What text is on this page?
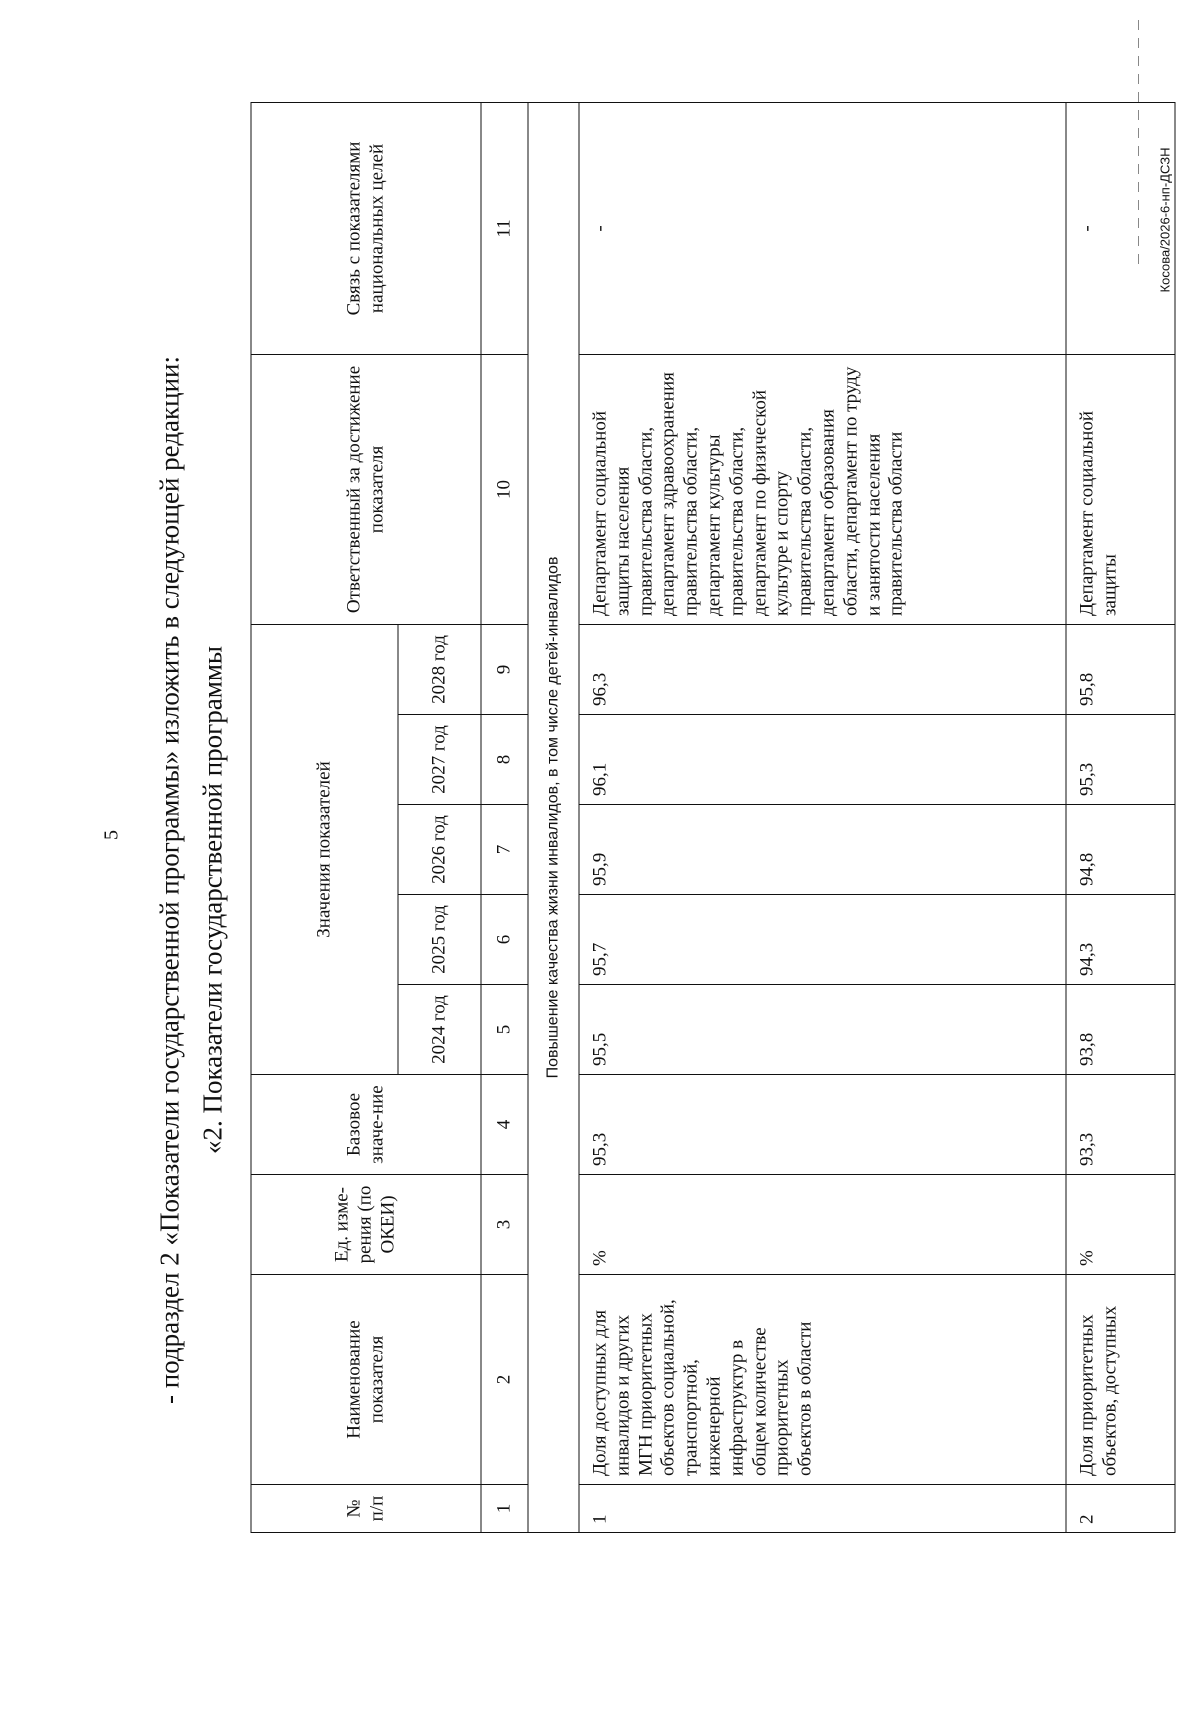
5 - подраздел 2 «Показатели государственной программы» изложить в следующей редакции: «2. Показатели государственной программы
№ п/п	Наименование показателя	Ед. изме-рения (по ОКЕИ)	Базовое значе-ние	Значения показателей					Ответственный за достижение показателя	Связь с показателями национальных целей
				2024 год	2025 год	2026 год	2027 год	2028 год		
1	2	3	4	5	6	7	8	9	10	11
Повышение качества жизни инвалидов, в том числе детей-инвалидов										
1	Доля доступных для инвалидов и других МГН приоритетных объектов социальной, транспортной, инженерной инфраструктур в общем количестве приоритетных объектов в области	%	95,3	95,5	95,7	95,9	96,1	96,3	Департамент социальной защиты населения правительства области, департамент здравоохранения правительства области, департамент культуры правительства области, департамент по физической культуре и спорту правительства области, департамент образования области, департамент по труду и занятости населения правительства области	-
2	Доля приоритетных объектов, доступных	%	93,3	93,8	94,3	94,8	95,3	95,8	Департамент социальной защиты	-	Косова/2026-6-нп-ДСЗН
